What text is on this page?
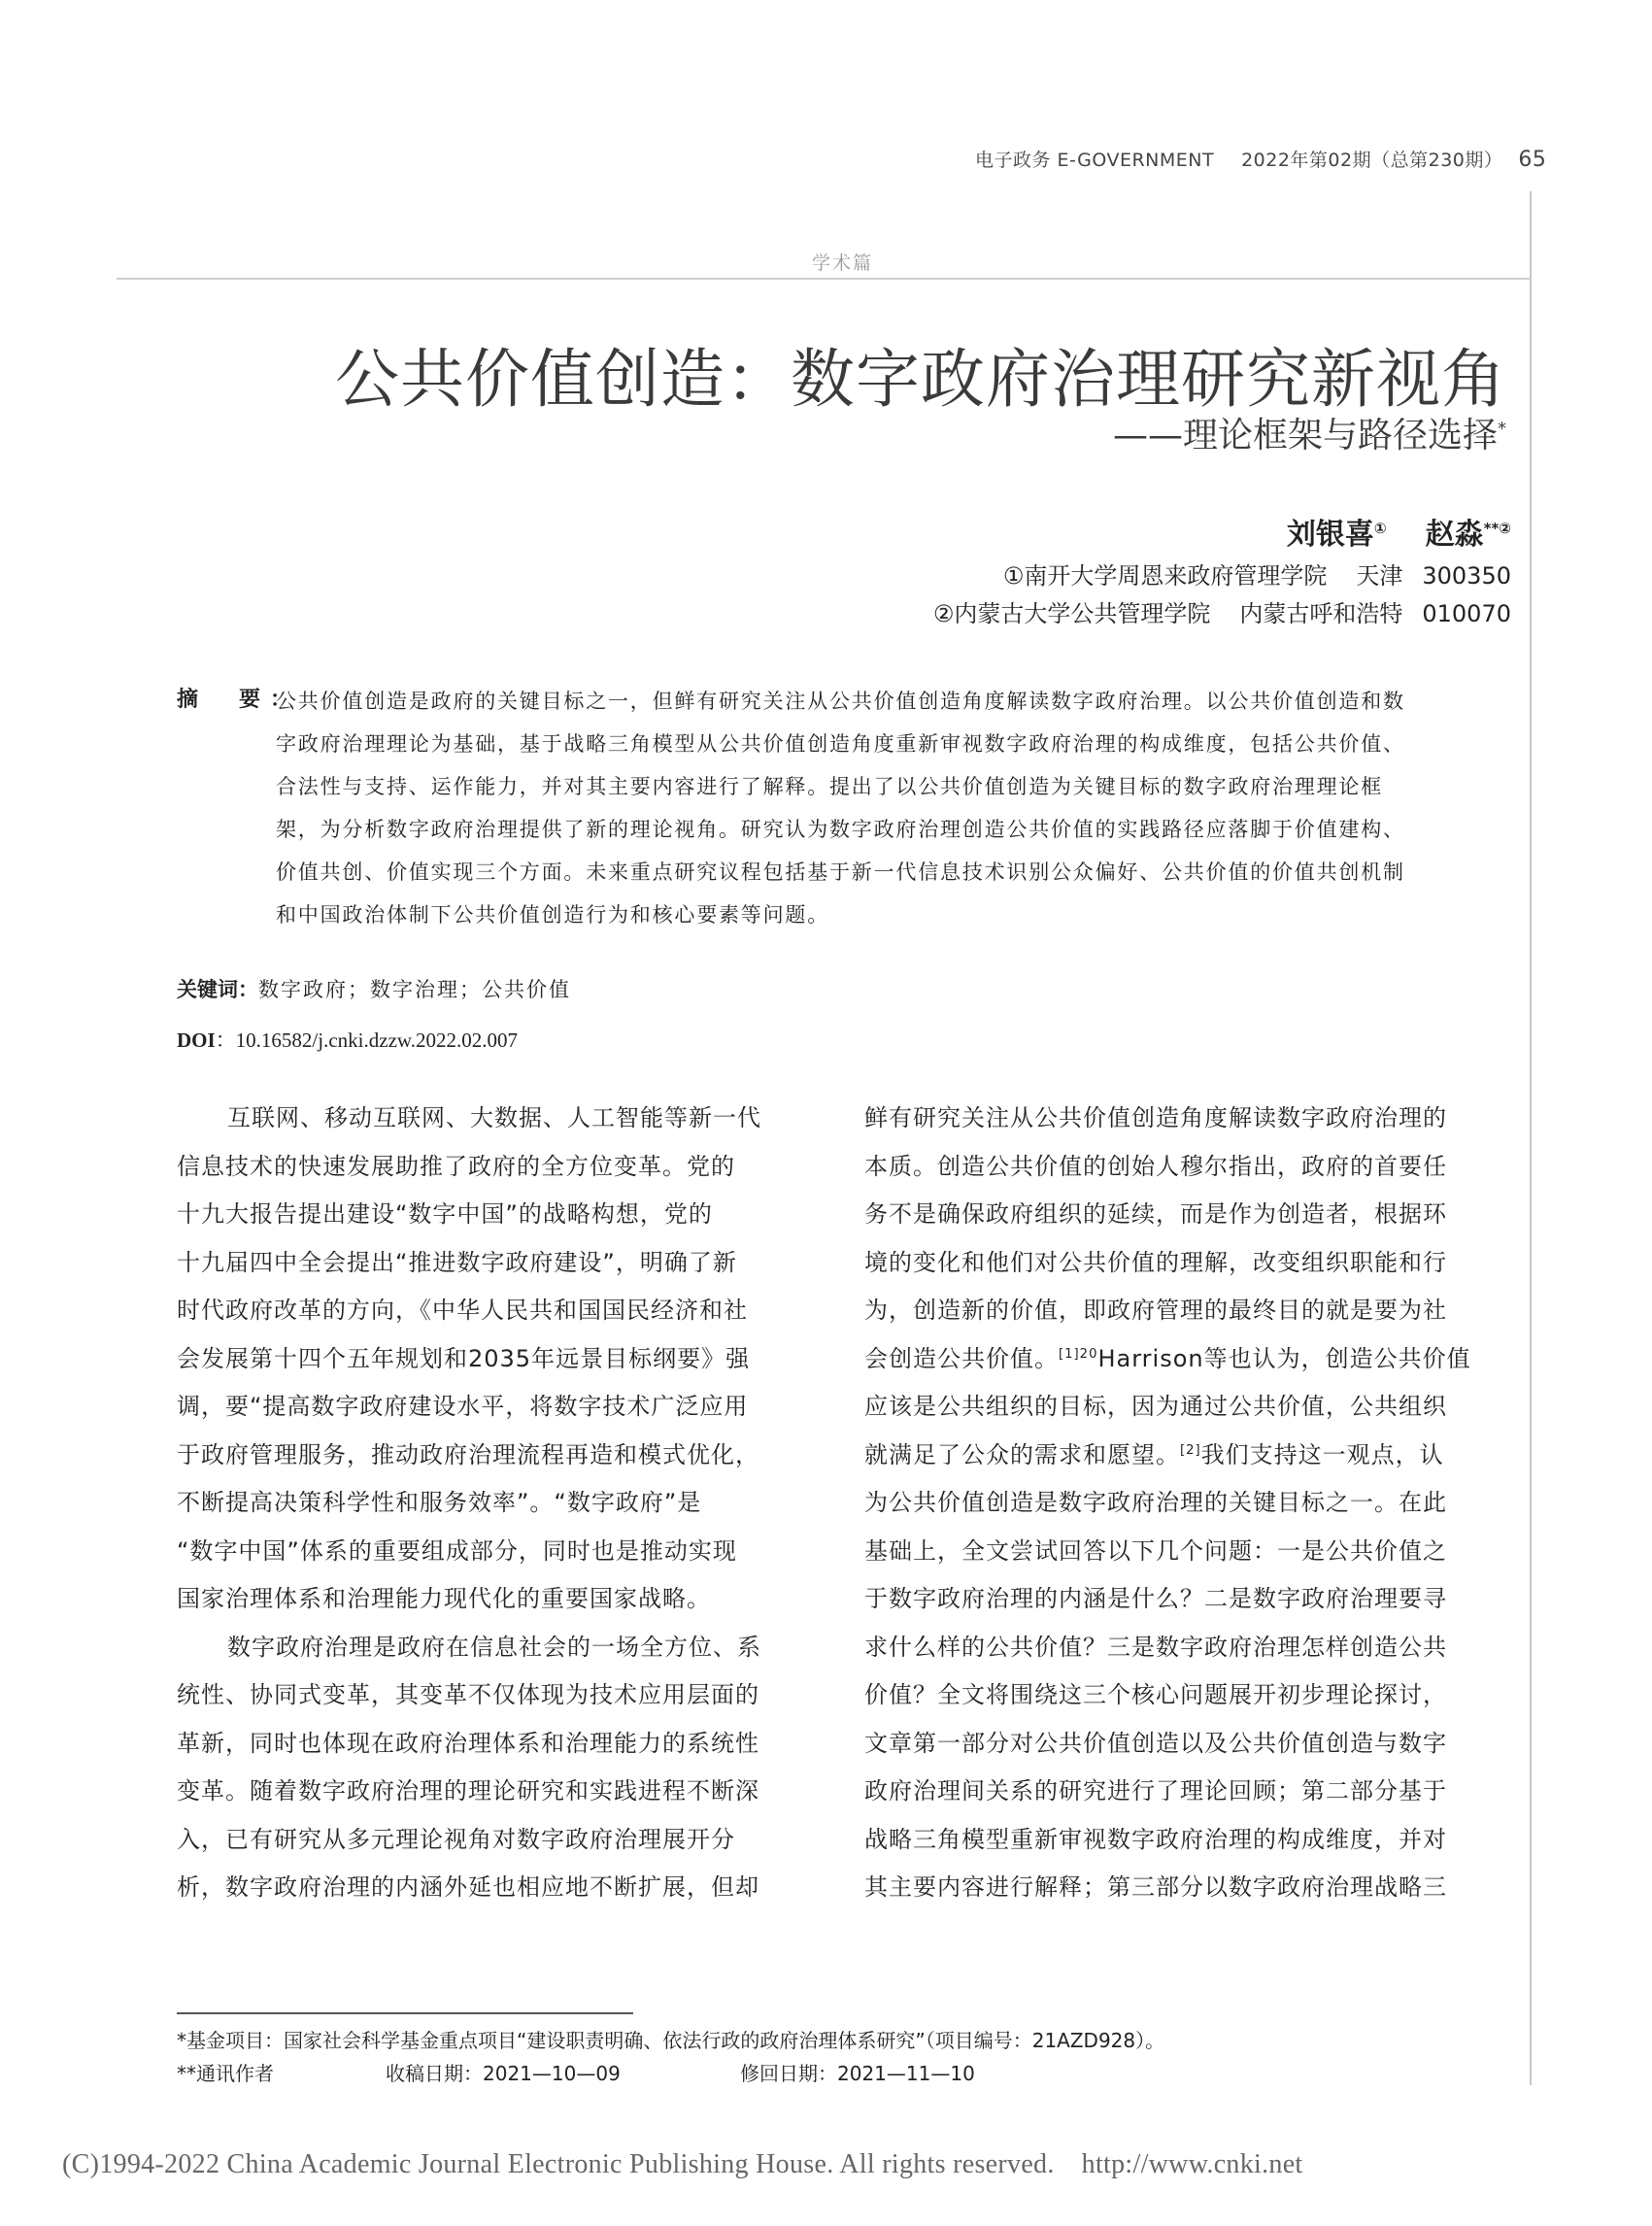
电子政务 E-GOVERNMENT 2022年第02期（总第230期） 65
学术篇
公共价值创造：数字政府治理研究新视角
——理论框架与路径选择*
刘银喜① 赵淼**②
①南开大学周恩来政府管理学院 天津 300350
②内蒙古大学公共管理学院 内蒙古呼和浩特 010070
摘　要：
公共价值创造是政府的关键目标之一，但鲜有研究关注从公共价值创造角度解读数字政府治理。以公共价值创造和数
字政府治理理论为基础，基于战略三角模型从公共价值创造角度重新审视数字政府治理的构成维度，包括公共价值、
合法性与支持、运作能力，并对其主要内容进行了解释。提出了以公共价值创造为关键目标的数字政府治理理论框
架，为分析数字政府治理提供了新的理论视角。研究认为数字政府治理创造公共价值的实践路径应落脚于价值建构、
价值共创、价值实现三个方面。未来重点研究议程包括基于新一代信息技术识别公众偏好、公共价值的价值共创机制
和中国政治体制下公共价值创造行为和核心要素等问题。
关键词：数字政府；数字治理；公共价值
DOI：10.16582/j.cnki.dzzw.2022.02.007
互联网、移动互联网、大数据、人工智能等新一代
信息技术的快速发展助推了政府的全方位变革。党的
十九大报告提出建设“数字中国”的战略构想，党的
十九届四中全会提出“推进数字政府建设”，明确了新
时代政府改革的方向，《中华人民共和国国民经济和社
会发展第十四个五年规划和2035年远景目标纲要》强
调，要“提高数字政府建设水平，将数字技术广泛应用
于政府管理服务，推动政府治理流程再造和模式优化，
不断提高决策科学性和服务效率”。“数字政府”是
“数字中国”体系的重要组成部分，同时也是推动实现
国家治理体系和治理能力现代化的重要国家战略。
数字政府治理是政府在信息社会的一场全方位、系
统性、协同式变革，其变革不仅体现为技术应用层面的
革新，同时也体现在政府治理体系和治理能力的系统性
变革。随着数字政府治理的理论研究和实践进程不断深
入，已有研究从多元理论视角对数字政府治理展开分
析，数字政府治理的内涵外延也相应地不断扩展，但却
鲜有研究关注从公共价值创造角度解读数字政府治理的
本质。创造公共价值的创始人穆尔指出，政府的首要任
务不是确保政府组织的延续，而是作为创造者，根据环
境的变化和他们对公共价值的理解，改变组织职能和行
为，创造新的价值，即政府管理的最终目的就是要为社
会创造公共价值。$^{[1]20}$Harrison等也认为，创造公共价值
应该是公共组织的目标，因为通过公共价值，公共组织
就满足了公众的需求和愿望。[2]我们支持这一观点，认
为公共价值创造是数字政府治理的关键目标之一。在此
基础上，全文尝试回答以下几个问题：一是公共价值之
于数字政府治理的内涵是什么？二是数字政府治理要寻
求什么样的公共价值？三是数字政府治理怎样创造公共
价值？全文将围绕这三个核心问题展开初步理论探讨，
文章第一部分对公共价值创造以及公共价值创造与数字
政府治理间关系的研究进行了理论回顾；第二部分基于
战略三角模型重新审视数字政府治理的构成维度，并对
其主要内容进行解释；第三部分以数字政府治理战略三
*基金项目：国家社会科学基金重点项目“建设职责明确、依法行政的政府治理体系研究”（项目编号：21AZD928）。
**通讯作者	收稿日期：2021—10—09	修回日期：2021—11—10
(C)1994-2022 China Academic Journal Electronic Publishing House. All rights reserved. http://www.cnki.net
